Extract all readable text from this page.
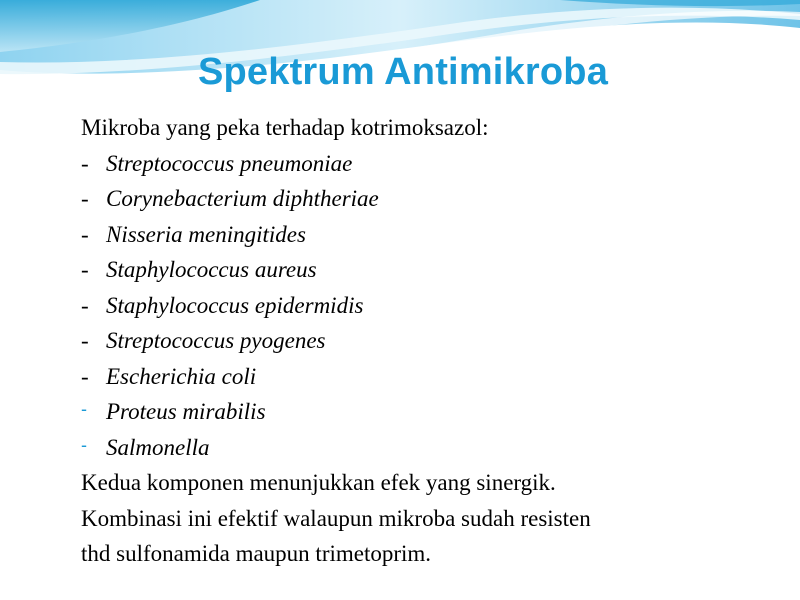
Spektrum Antimikroba
Mikroba yang peka terhadap kotrimoksazol:
- Streptococcus pneumoniae
- Corynebacterium diphtheriae
- Nisseria meningitides
- Staphylococcus aureus
- Staphylococcus epidermidis
- Streptococcus pyogenes
- Escherichia coli
- Proteus mirabilis
- Salmonella
Kedua komponen menunjukkan efek yang sinergik.
Kombinasi ini efektif walaupun mikroba sudah resisten
thd sulfonamida maupun trimetoprim.
